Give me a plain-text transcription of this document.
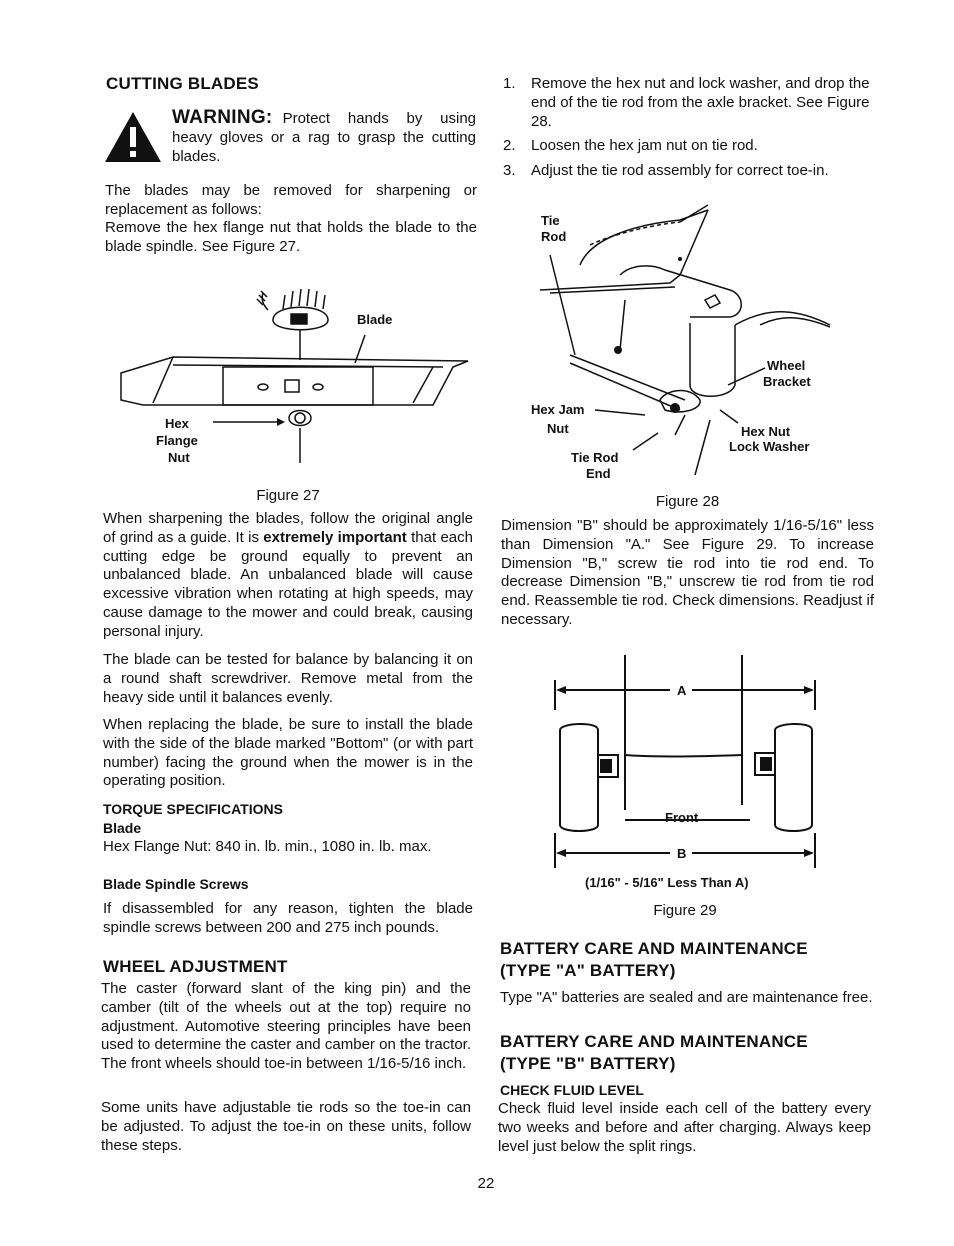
CUTTING BLADES
WARNING: Protect hands by using
heavy gloves or a rag to grasp the cutting
blades.
The blades may be removed for sharpening or replacement as follows:
Remove the hex flange nut that holds the blade to the blade spindle. See Figure 27.
Blade
Hex
Flange
Nut
Figure 27
When sharpening the blades, follow the original angle of grind as a guide. It is extremely important that each cutting edge be ground equally to prevent an unbalanced blade. An unbalanced blade will cause excessive vibration when rotating at high speeds, may cause damage to the mower and could break, causing personal injury.
The blade can be tested for balance by balancing it on a round shaft screwdriver. Remove metal from the heavy side until it balances evenly.
When replacing the blade, be sure to install the blade with the side of the blade marked "Bottom" (or with part number) facing the ground when the mower is in the operating position.
TORQUE SPECIFICATIONS
Blade
Hex Flange Nut: 840 in. lb. min., 1080 in. lb. max.
Blade Spindle Screws
If disassembled for any reason, tighten the blade spindle screws between 200 and 275 inch pounds.
WHEEL ADJUSTMENT
The caster (forward slant of the king pin) and the camber (tilt of the wheels out at the top) require no adjustment. Automotive steering principles have been used to determine the caster and camber on the tractor. The front wheels should toe-in between 1/16-5/16 inch.
Some units have adjustable tie rods so the toe-in can be adjusted. To adjust the toe-in on these units, follow these steps.
1. Remove the hex nut and lock washer, and drop the end of the tie rod from the axle bracket. See Figure 28.
2. Loosen the hex jam nut on tie rod.
3. Adjust the tie rod assembly for correct toe-in.
Tie
Rod
Wheel
Bracket
Hex Jam
Nut	Hex Nut
Lock Washer
Tie Rod
End
Figure 28
Dimension "B" should be approximately 1/16-5/16" less than Dimension "A." See Figure 29. To increase Dimension "B," screw tie rod into tie rod end. To decrease Dimension "B," unscrew tie rod from tie rod end. Reassemble tie rod. Check dimensions. Readjust if necessary.
A
Front
B
(1/16" - 5/16" Less Than A)
Figure 29
BATTERY CARE AND MAINTENANCE
(TYPE "A" BATTERY)
Type "A" batteries are sealed and are maintenance free.
BATTERY CARE AND MAINTENANCE
(TYPE "B" BATTERY)
CHECK FLUID LEVEL
Check fluid level inside each cell of the battery every two weeks and before and after charging. Always keep level just below the split rings.
22
